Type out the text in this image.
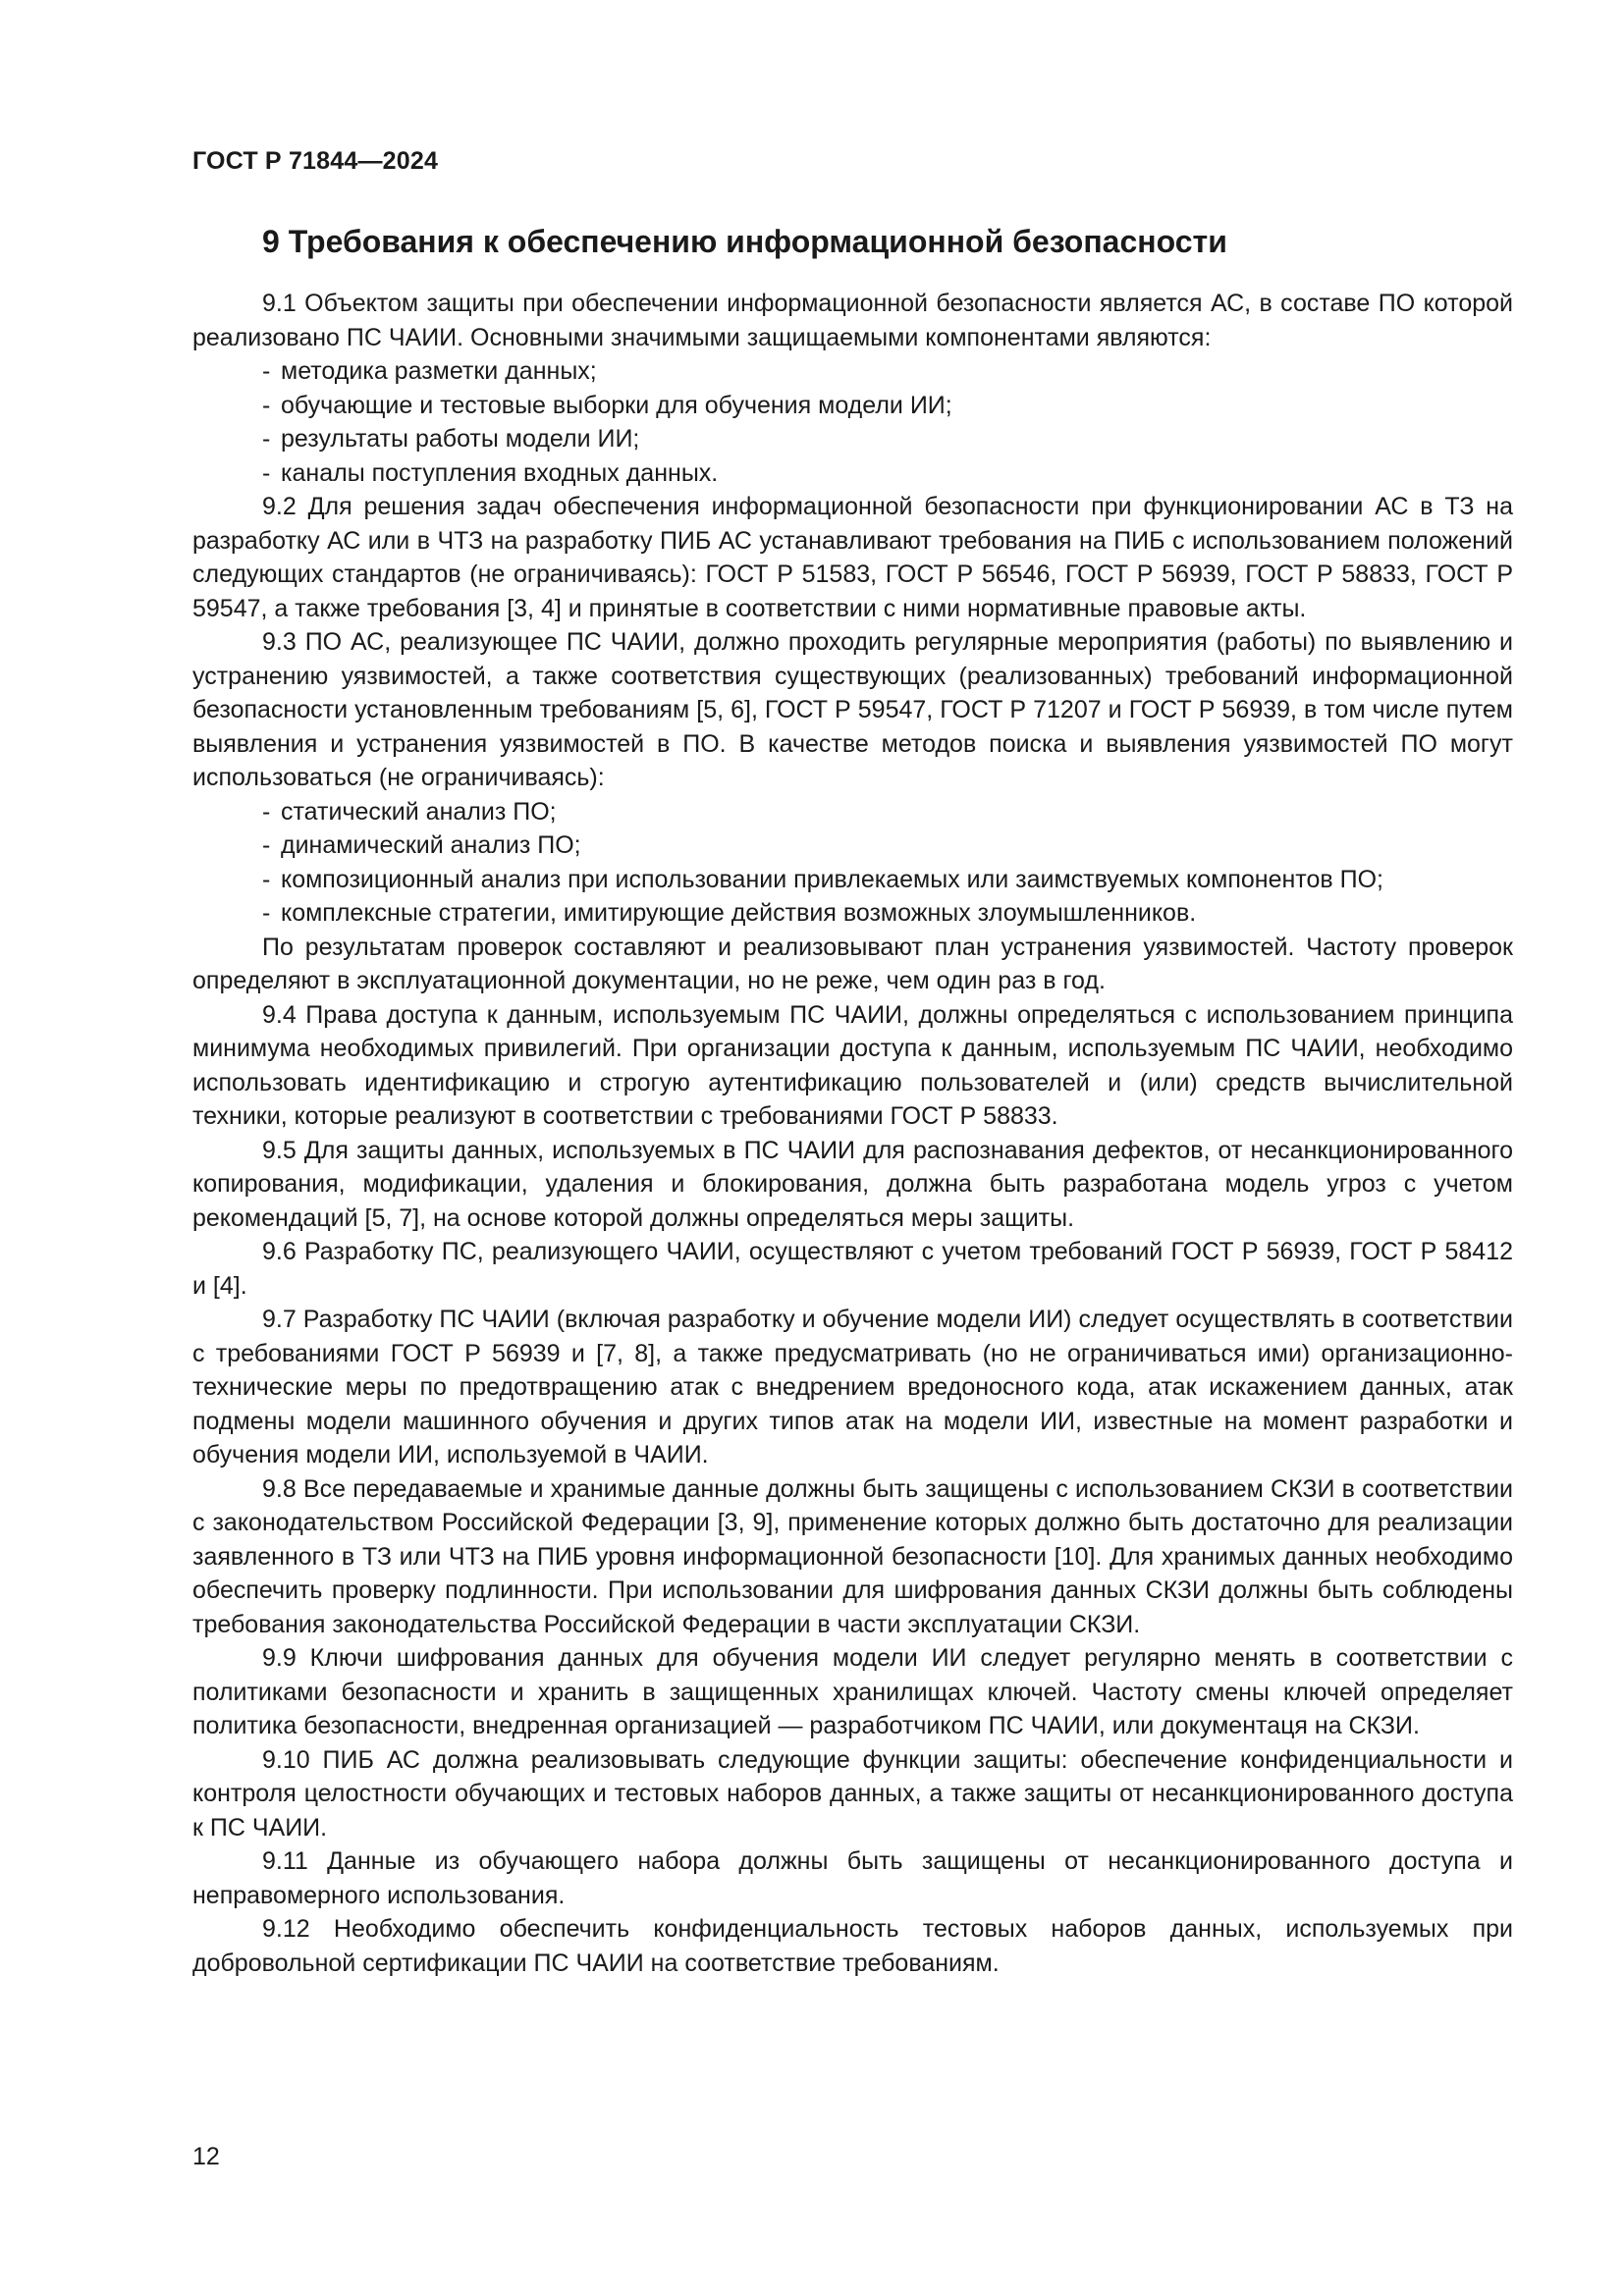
ГОСТ Р 71844—2024
9 Требования к обеспечению информационной безопасности

9.1 Объектом защиты при обеспечении информационной безопасности является АС, в составе ПО которой реализовано ПС ЧАИИ. Основными значимыми защищаемыми компонентами являются:

- методика разметки данных;
- обучающие и тестовые выборки для обучения модели ИИ;
- результаты работы модели ИИ;
- каналы поступления входных данных.

9.2 Для решения задач обеспечения информационной безопасности при функционировании АС в ТЗ на разработку АС или в ЧТЗ на разработку ПИБ АС устанавливают требования на ПИБ с использованием положений следующих стандартов (не ограничиваясь): ГОСТ Р 51583, ГОСТ Р 56546, ГОСТ Р 56939, ГОСТ Р 58833, ГОСТ Р 59547, а также требования [3, 4] и принятые в соответствии с ними нормативные правовые акты.

9.3 ПО АС, реализующее ПС ЧАИИ, должно проходить регулярные мероприятия (работы) по выявлению и устранению уязвимостей, а также соответствия существующих (реализованных) требований информационной безопасности установленным требованиям [5, 6], ГОСТ Р 59547, ГОСТ Р 71207 и ГОСТ Р 56939, в том числе путем выявления и устранения уязвимостей в ПО. В качестве методов поиска и выявления уязвимостей ПО могут использоваться (не ограничиваясь):

- статический анализ ПО;
- динамический анализ ПО;
- композиционный анализ при использовании привлекаемых или заимствуемых компонентов ПО;
- комплексные стратегии, имитирующие действия возможных злоумышленников.

По результатам проверок составляют и реализовывают план устранения уязвимостей. Частоту проверок определяют в эксплуатационной документации, но не реже, чем один раз в год.

9.4 Права доступа к данным, используемым ПС ЧАИИ, должны определяться с использованием принципа минимума необходимых привилегий. При организации доступа к данным, используемым ПС ЧАИИ, необходимо использовать идентификацию и строгую аутентификацию пользователей и (или) средств вычислительной техники, которые реализуют в соответствии с требованиями ГОСТ Р 58833.

9.5 Для защиты данных, используемых в ПС ЧАИИ для распознавания дефектов, от несанкционированного копирования, модификации, удаления и блокирования, должна быть разработана модель угроз с учетом рекомендаций [5, 7], на основе которой должны определяться меры защиты.

9.6 Разработку ПС, реализующего ЧАИИ, осуществляют с учетом требований ГОСТ Р 56939, ГОСТ Р 58412 и [4].

9.7 Разработку ПС ЧАИИ (включая разработку и обучение модели ИИ) следует осуществлять в соответствии с требованиями ГОСТ Р 56939 и [7, 8], а также предусматривать (но не ограничиваться ими) организационно-технические меры по предотвращению атак с внедрением вредоносного кода, атак искажением данных, атак подмены модели машинного обучения и других типов атак на модели ИИ, известные на момент разработки и обучения модели ИИ, используемой в ЧАИИ.

9.8 Все передаваемые и хранимые данные должны быть защищены с использованием СКЗИ в соответствии с законодательством Российской Федерации [3, 9], применение которых должно быть достаточно для реализации заявленного в ТЗ или ЧТЗ на ПИБ уровня информационной безопасности [10]. Для хранимых данных необходимо обеспечить проверку подлинности. При использовании для шифрования данных СКЗИ должны быть соблюдены требования законодательства Российской Федерации в части эксплуатации СКЗИ.

9.9 Ключи шифрования данных для обучения модели ИИ следует регулярно менять в соответствии с политиками безопасности и хранить в защищенных хранилищах ключей. Частоту смены ключей определяет политика безопасности, внедренная организацией — разработчиком ПС ЧАИИ, или документаця на СКЗИ.

9.10 ПИБ АС должна реализовывать следующие функции защиты: обеспечение конфиденциальности и контроля целостности обучающих и тестовых наборов данных, а также защиты от несанкционированного доступа к ПС ЧАИИ.

9.11 Данные из обучающего набора должны быть защищены от несанкционированного доступа и неправомерного использования.

9.12 Необходимо обеспечить конфиденциальность тестовых наборов данных, используемых при добровольной сертификации ПС ЧАИИ на соответствие требованиям.

12
